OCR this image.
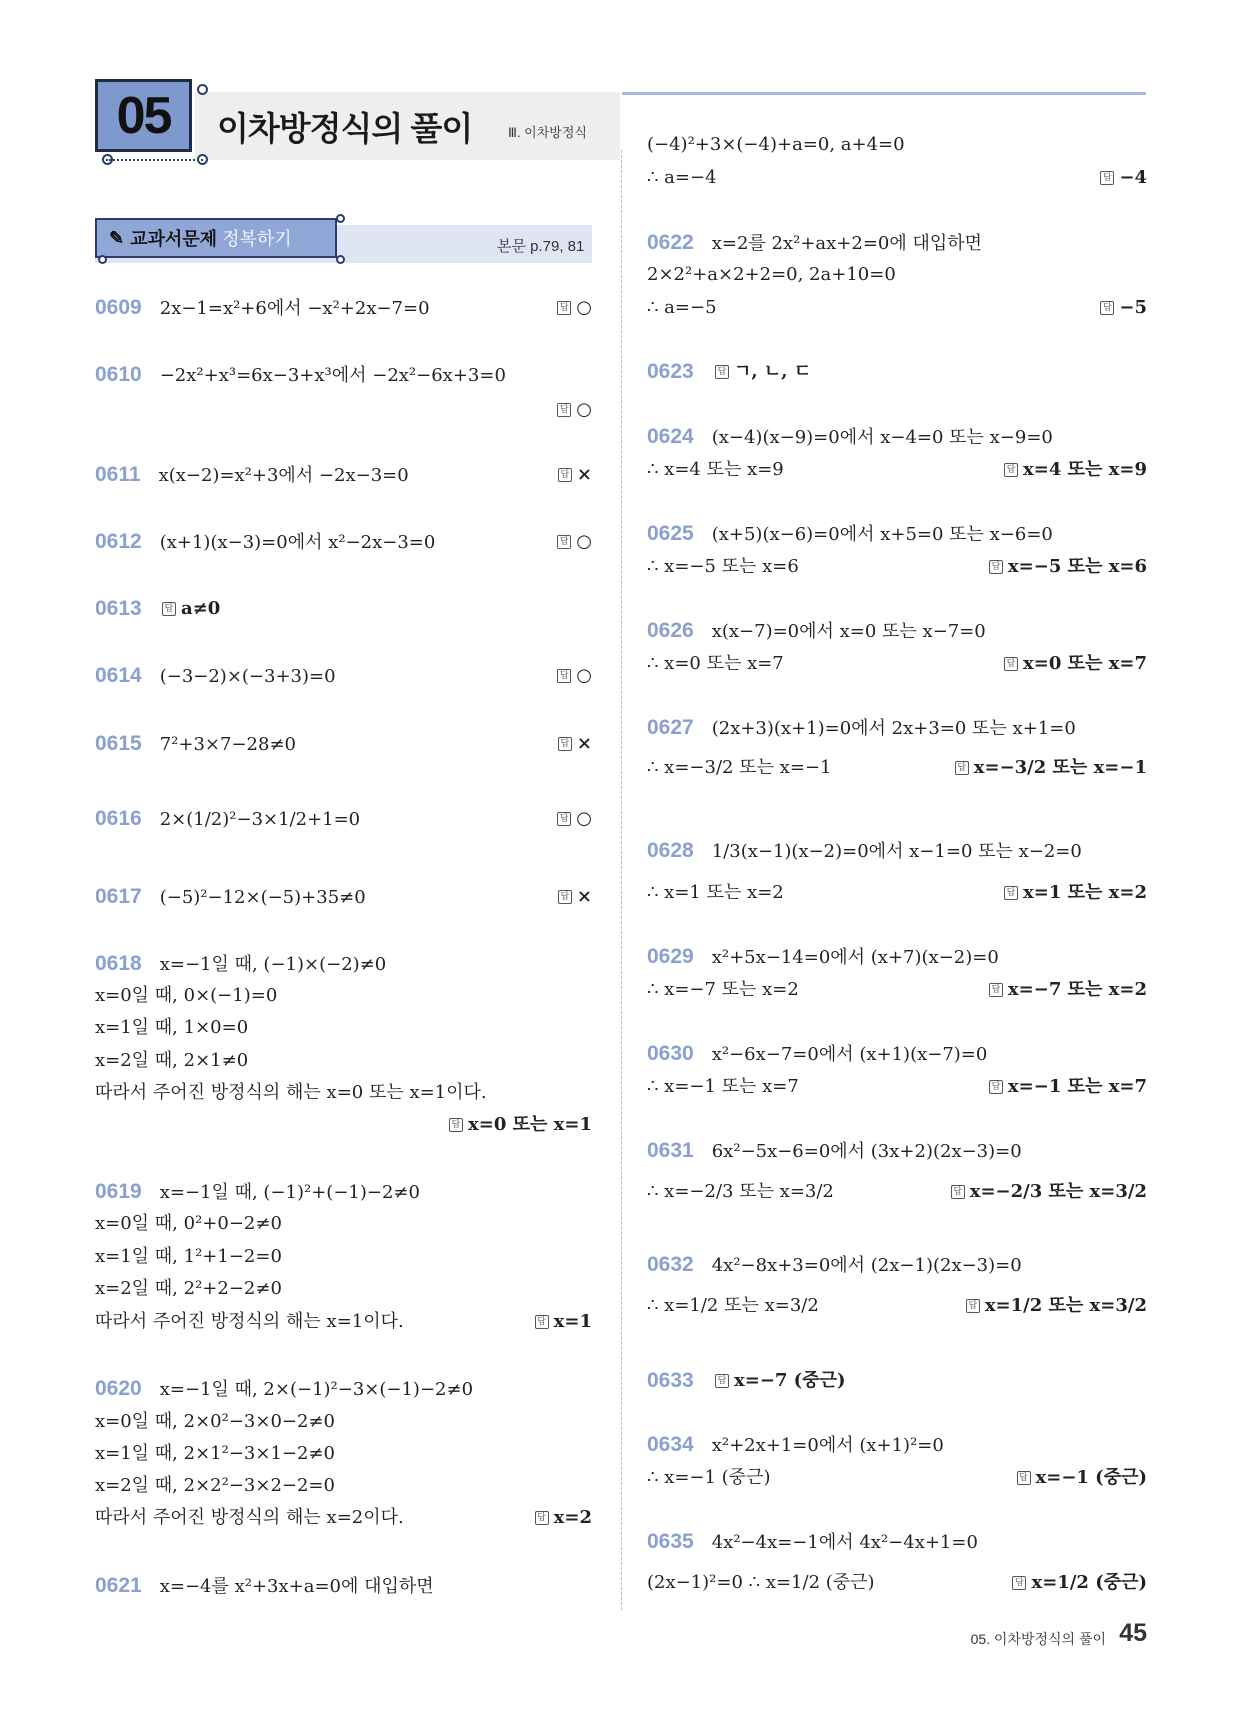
05 이차방정식의 풀이	Ⅲ. 이차방정식
✎ 교과서문제
정복하기	본문 p.79, 81
0609 2x−1=x²+6에서 −x²+2x−7=0
0610 −2x²+x³=6x−3+x³에서 −2x²−6x+3=0
0611 x(x−2)=x²+3에서 −2x−3=0
0612 (x+1)(x−3)=0에서 x²−2x−3=0
0613
0614 (−3−2)×(−3+3)=0
0615 7²+3×7−28≠0
0616 2×(1/2)²−3×1/2+1=0
0617 (−5)²−12×(−5)+35≠0
0618 x=−1일 때, (−1)×(−2)≠0
x=0일 때, 0×(−1)=0
x=1일 때, 1×0=0
x=2일 때, 2×1≠0
따라서 주어진 방정식의 해는 x=0 또는 x=1이다.
0619 x=−1일 때, (−1)²+(−1)−2≠0
x=0일 때, 0²+0−2≠0
x=1일 때, 1²+1−2=0
x=2일 때, 2²+2−2≠0
따라서 주어진 방정식의 해는 x=1이다.
0620 x=−1일 때, 2×(−1)²−3×(−1)−2≠0
x=0일 때, 2×0²−3×0−2≠0
x=1일 때, 2×1²−3×1−2≠0
x=2일 때, 2×2²−3×2−2=0
따라서 주어진 방정식의 해는 x=2이다.
0621 x=−4를 x²+3x+a=0에 대입하면
답 ○
답 ○
답 ×
답 ○
답 a≠0
답 ○
답 ×
답 ○
답 ×
답 x=0 또는 x=1
답 x=1
답 x=2
(−4)²+3×(−4)+a=0, a+4=0
∴ a=−4
0622 x=2를 2x²+ax+2=0에 대입하면
2×2²+a×2+2=0, 2a+10=0
∴ a=−5
0623
0624 (x−4)(x−9)=0에서 x−4=0 또는 x−9=0
∴ x=4 또는 x=9
0625 (x+5)(x−6)=0에서 x+5=0 또는 x−6=0
∴ x=−5 또는 x=6
0626 x(x−7)=0에서 x=0 또는 x−7=0
∴ x=0 또는 x=7
0627 (2x+3)(x+1)=0에서 2x+3=0 또는 x+1=0
∴ x=−3/2 또는 x=−1
0628 1/3(x−1)(x−2)=0에서 x−1=0 또는 x−2=0
∴ x=1 또는 x=2
0629 x²+5x−14=0에서 (x+7)(x−2)=0
∴ x=−7 또는 x=2
0630 x²−6x−7=0에서 (x+1)(x−7)=0
∴ x=−1 또는 x=7
0631 6x²−5x−6=0에서 (3x+2)(2x−3)=0
∴ x=−2/3 또는 x=3/2
0632 4x²−8x+3=0에서 (2x−1)(2x−3)=0
∴ x=1/2 또는 x=3/2
0633
0634 x²+2x+1=0에서 (x+1)²=0
∴ x=−1 (중근)
0635 4x²−4x=−1에서 4x²−4x+1=0
(2x−1)²=0 ∴ x=1/2 (중근)
답 −4
답 −5
답 ㄱ, ㄴ, ㄷ
답 x=4 또는 x=9
답 x=−5 또는 x=6
답 x=0 또는 x=7
답 x=−3/2 또는 x=−1
답 x=1 또는 x=2
답 x=−7 또는 x=2
답 x=−1 또는 x=7
답 x=−2/3 또는 x=3/2
답 x=1/2 또는 x=3/2
답 x=−7 (중근)
답 x=−1 (중근)
답 x=1/2 (중근)
05. 이차방정식의 풀이 45
